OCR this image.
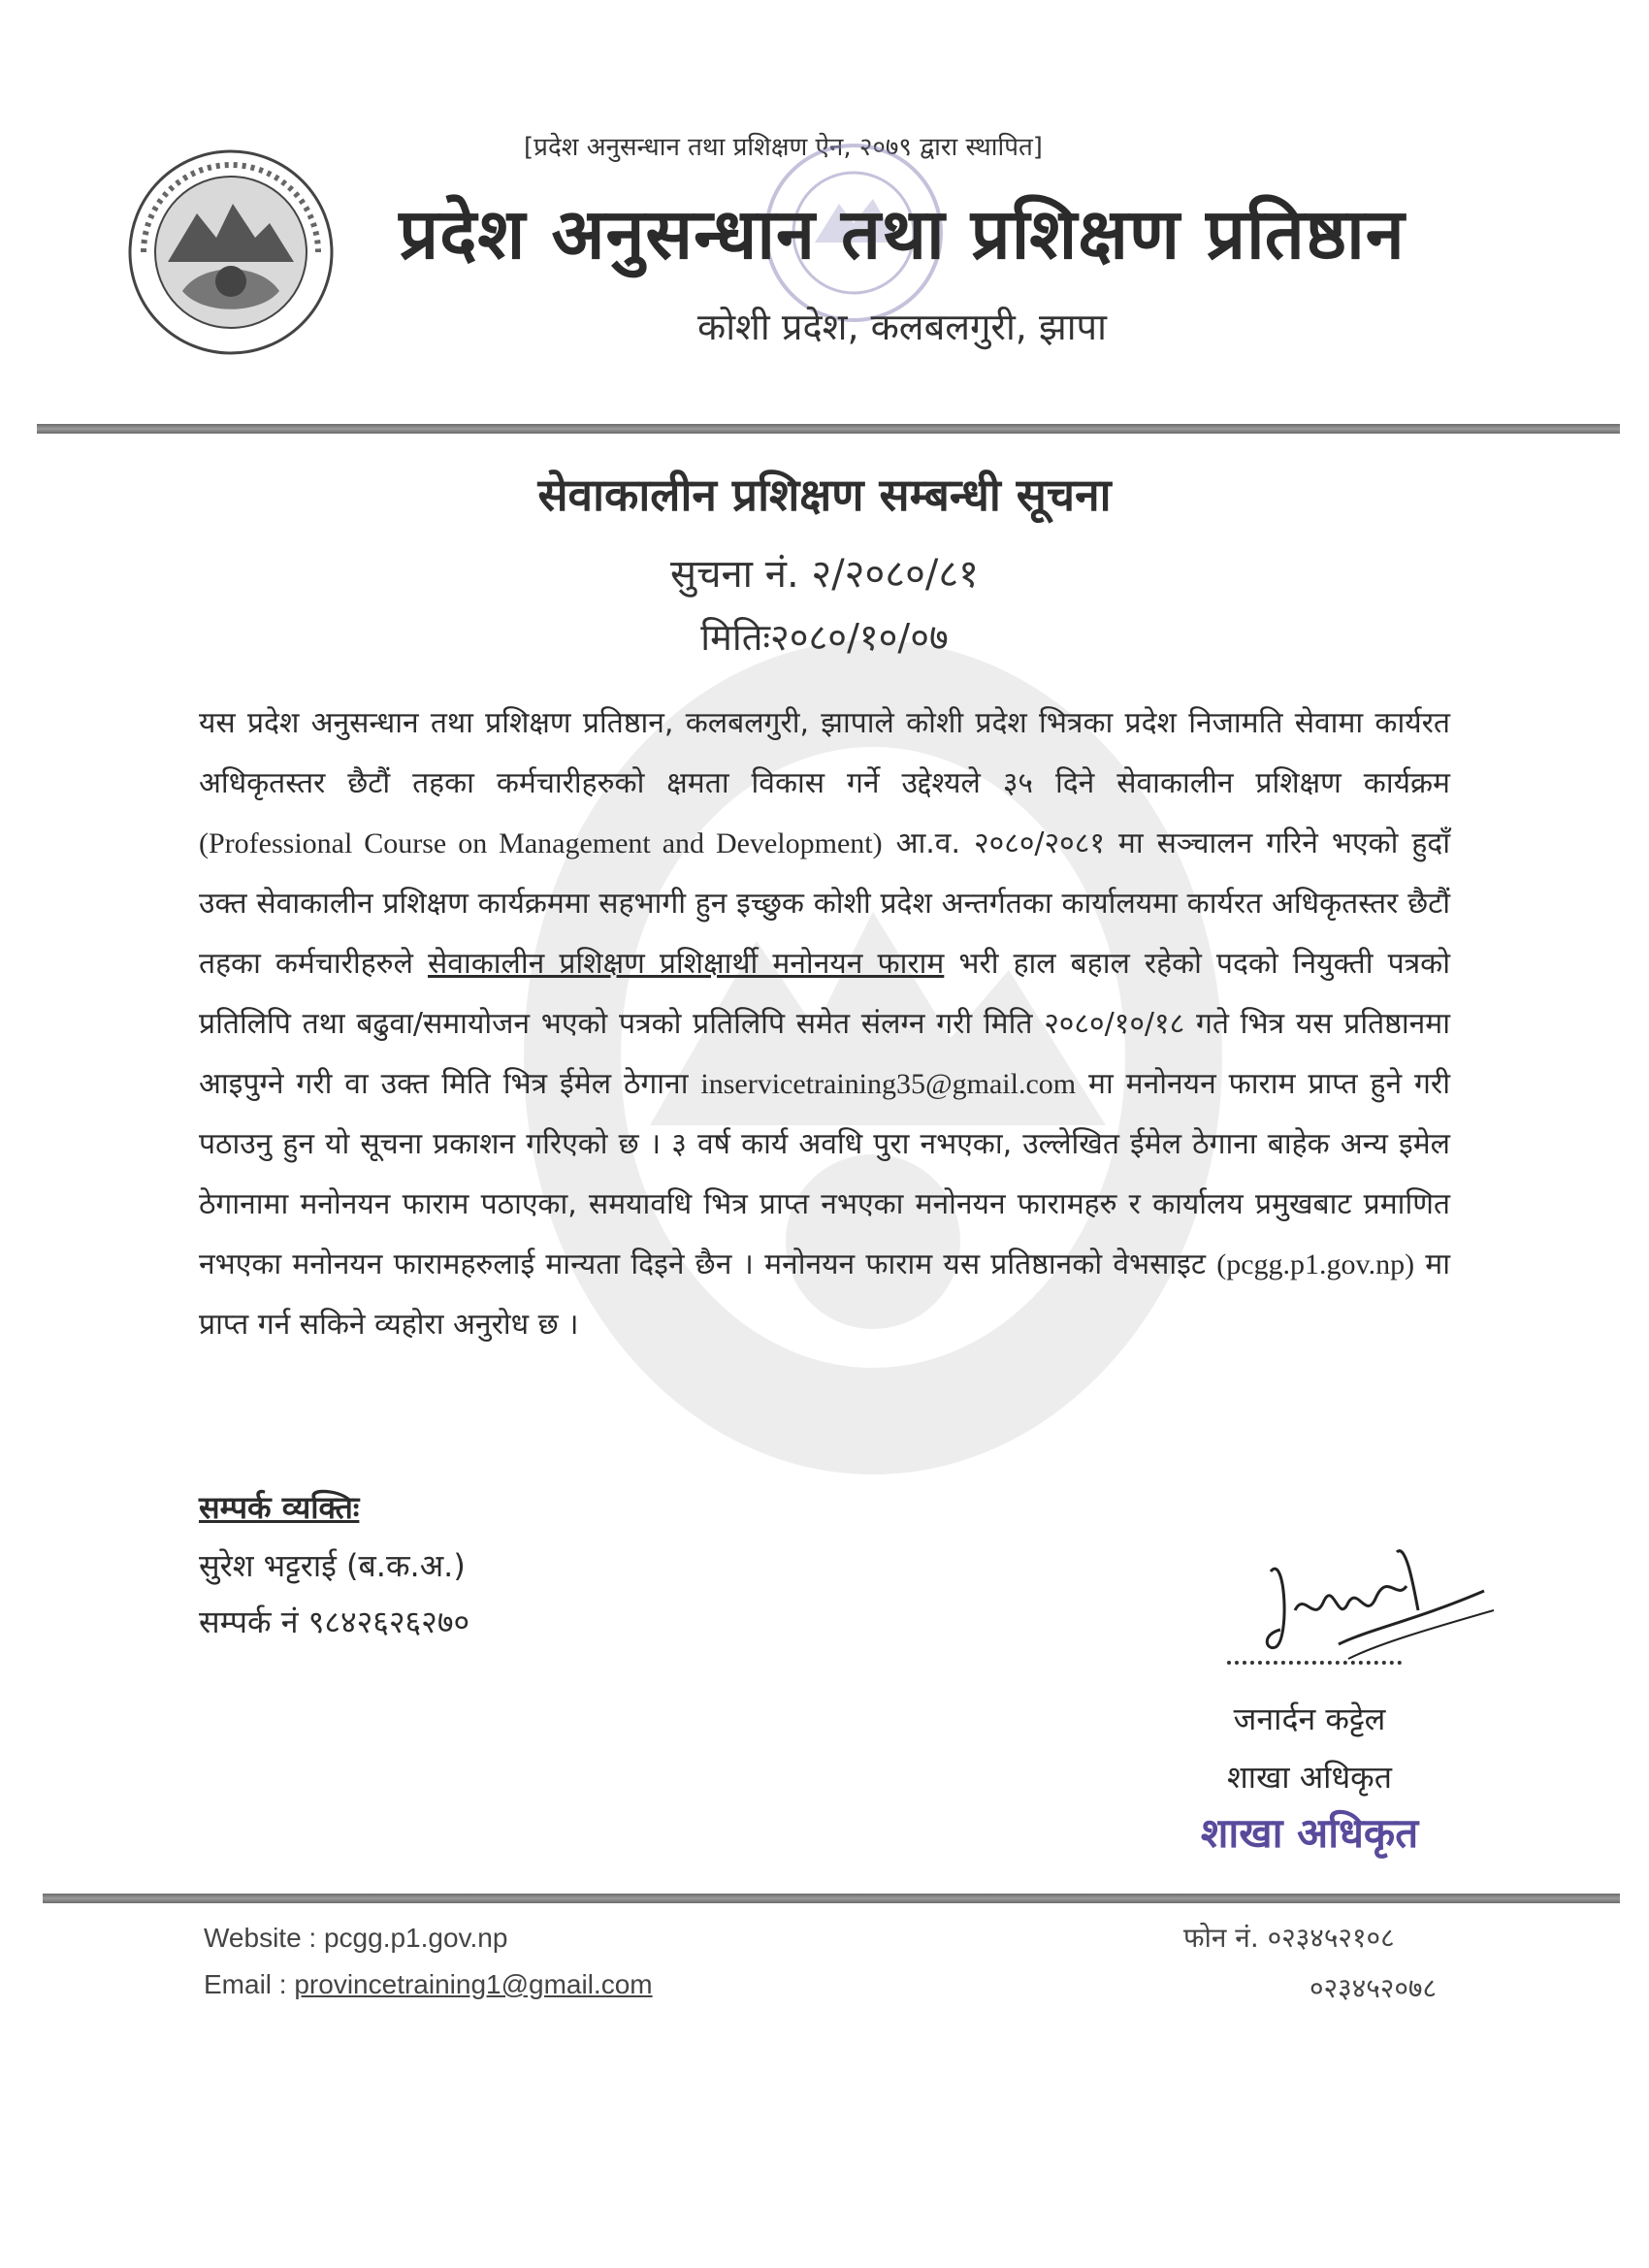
[प्रदेश अनुसन्धान तथा प्रशिक्षण ऐन, २०७९ द्वारा स्थापित]
प्रदेश अनुसन्धान तथा प्रशिक्षण प्रतिष्ठान
कोशी प्रदेश, कलबलगुरी, झापा
सेवाकालीन प्रशिक्षण सम्बन्धी सूचना
सुचना नं. २/२०८०/८१
मितिः२०८०/१०/०७
यस प्रदेश अनुसन्धान तथा प्रशिक्षण प्रतिष्ठान, कलबलगुरी, झापाले कोशी प्रदेश भित्रका प्रदेश निजामति सेवामा कार्यरत अधिकृतस्तर छैटौं तहका कर्मचारीहरुको क्षमता विकास गर्ने उद्देश्यले ३५ दिने सेवाकालीन प्रशिक्षण कार्यक्रम (Professional Course on Management and Development) आ.व. २०८०/२०८१ मा सञ्चालन गरिने भएको हुदाँ उक्त सेवाकालीन प्रशिक्षण कार्यक्रममा सहभागी हुन इच्छुक कोशी प्रदेश अन्तर्गतका कार्यालयमा कार्यरत अधिकृतस्तर छैटौं तहका कर्मचारीहरुले सेवाकालीन प्रशिक्षण प्रशिक्षार्थी मनोनयन फाराम भरी हाल बहाल रहेको पदको नियुक्ती पत्रको प्रतिलिपि तथा बढुवा/समायोजन भएको पत्रको प्रतिलिपि समेत संलग्न गरी मिति २०८०/१०/१८ गते भित्र यस प्रतिष्ठानमा आइपुग्ने गरी वा उक्त मिति भित्र ईमेल ठेगाना inservicetraining35@gmail.com मा मनोनयन फाराम प्राप्त हुने गरी पठाउनु हुन यो सूचना प्रकाशन गरिएको छ । ३ वर्ष कार्य अवधि पुरा नभएका, उल्लेखित ईमेल ठेगाना बाहेक अन्य इमेल ठेगानामा मनोनयन फाराम पठाएका, समयावधि भित्र प्राप्त नभएका मनोनयन फारामहरु र कार्यालय प्रमुखबाट प्रमाणित नभएका मनोनयन फारामहरुलाई मान्यता दिइने छैन । मनोनयन फाराम यस प्रतिष्ठानको वेभसाइट (pcgg.p1.gov.np) मा प्राप्त गर्न सकिने व्यहोरा अनुरोध छ ।
सम्पर्क व्यक्तिः
सुरेश भट्टराई (ब.क.अ.)
सम्पर्क नं ९८४२६२६२७०
जनार्दन कट्टेल
शाखा अधिकृत
शाखा अधिकृत
Website : pcgg.p1.gov.np
Email : provincetraining1@gmail.com
फोन नं. ०२३४५२१०८
०२३४५२०७८
